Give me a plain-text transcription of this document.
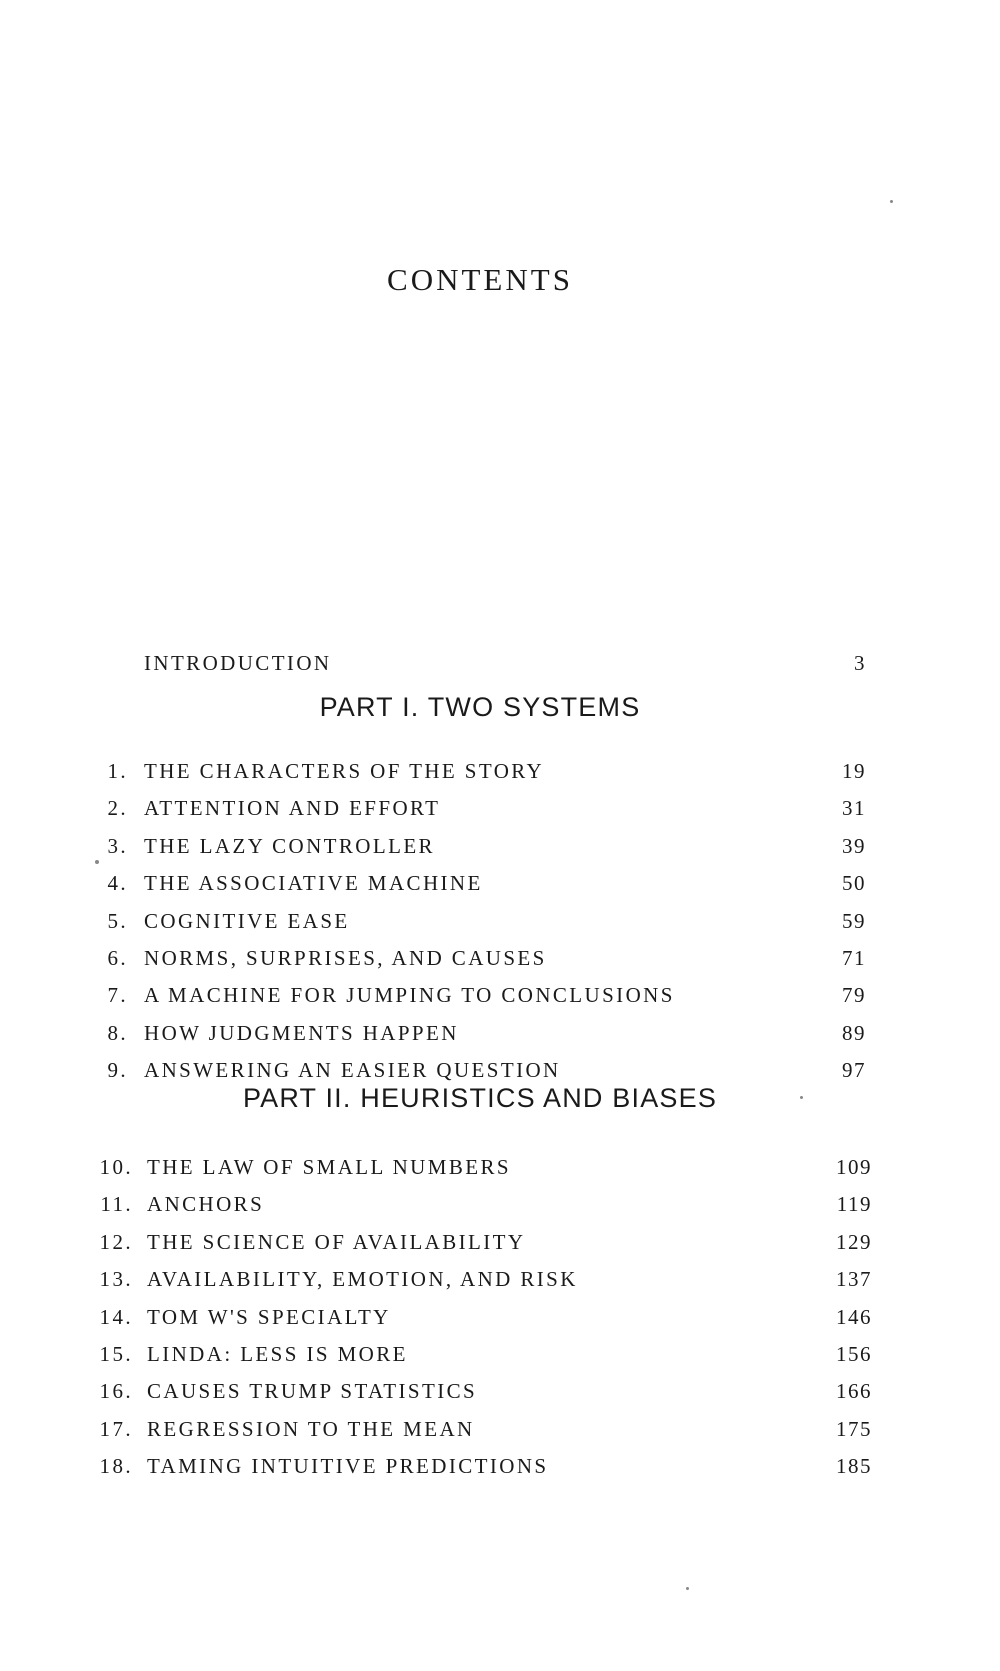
CONTENTS
INTRODUCTION	3
PART I. TWO SYSTEMS
1. THE CHARACTERS OF THE STORY	19
2. ATTENTION AND EFFORT	31
3. THE LAZY CONTROLLER	39
4. THE ASSOCIATIVE MACHINE	50
5. COGNITIVE EASE	59
6. NORMS, SURPRISES, AND CAUSES	71
7. A MACHINE FOR JUMPING TO CONCLUSIONS	79
8. HOW JUDGMENTS HAPPEN	89
9. ANSWERING AN EASIER QUESTION	97
PART II. HEURISTICS AND BIASES
10. THE LAW OF SMALL NUMBERS	109
11. ANCHORS	119
12. THE SCIENCE OF AVAILABILITY	129
13. AVAILABILITY, EMOTION, AND RISK	137
14. TOM W'S SPECIALTY	146
15. LINDA: LESS IS MORE	156
16. CAUSES TRUMP STATISTICS	166
17. REGRESSION TO THE MEAN	175
18. TAMING INTUITIVE PREDICTIONS	185
